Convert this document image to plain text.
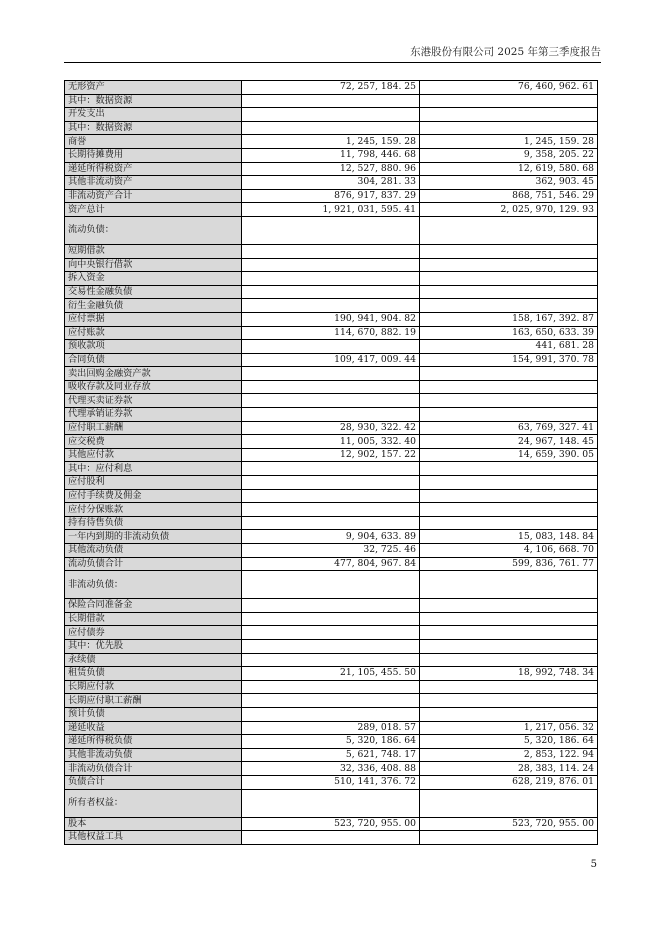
东港股份有限公司 2025 年第三季度报告
无形资产	72, 257, 184. 25	76, 460, 962. 61
其中：数据资源		
开发支出		
其中：数据资源		
商誉	1, 245, 159. 28	1, 245, 159. 28
长期待摊费用	11, 798, 446. 68	9, 358, 205. 22
递延所得税资产	12, 527, 880. 96	12, 619, 580. 68
其他非流动资产	304, 281. 33	362, 903. 45
非流动资产合计	876, 917, 837. 29	868, 751, 546. 29
资产总计	1, 921, 031, 595. 41	2, 025, 970, 129. 93
流动负债：		
短期借款		
向中央银行借款		
拆入资金		
交易性金融负债		
衍生金融负债		
应付票据	190, 941, 904. 82	158, 167, 392. 87
应付账款	114, 670, 882. 19	163, 650, 633. 39
预收款项		441, 681. 28
合同负债	109, 417, 009. 44	154, 991, 370. 78
卖出回购金融资产款		
吸收存款及同业存放		
代理买卖证券款		
代理承销证券款		
应付职工薪酬	28, 930, 322. 42	63, 769, 327. 41
应交税费	11, 005, 332. 40	24, 967, 148. 45
其他应付款	12, 902, 157. 22	14, 659, 390. 05
其中：应付利息		
应付股利		
应付手续费及佣金		
应付分保账款		
持有待售负债		
一年内到期的非流动负债	9, 904, 633. 89	15, 083, 148. 84
其他流动负债	32, 725. 46	4, 106, 668. 70
流动负债合计	477, 804, 967. 84	599, 836, 761. 77
非流动负债：		
保险合同准备金		
长期借款		
应付债券		
其中：优先股		
永续债		
租赁负债	21, 105, 455. 50	18, 992, 748. 34
长期应付款		
长期应付职工薪酬		
预计负债		
递延收益	289, 018. 57	1, 217, 056. 32
递延所得税负债	5, 320, 186. 64	5, 320, 186. 64
其他非流动负债	5, 621, 748. 17	2, 853, 122. 94
非流动负债合计	32, 336, 408. 88	28, 383, 114. 24
负债合计	510, 141, 376. 72	628, 219, 876. 01
所有者权益：		
股本	523, 720, 955. 00	523, 720, 955. 00
其他权益工具		
5
